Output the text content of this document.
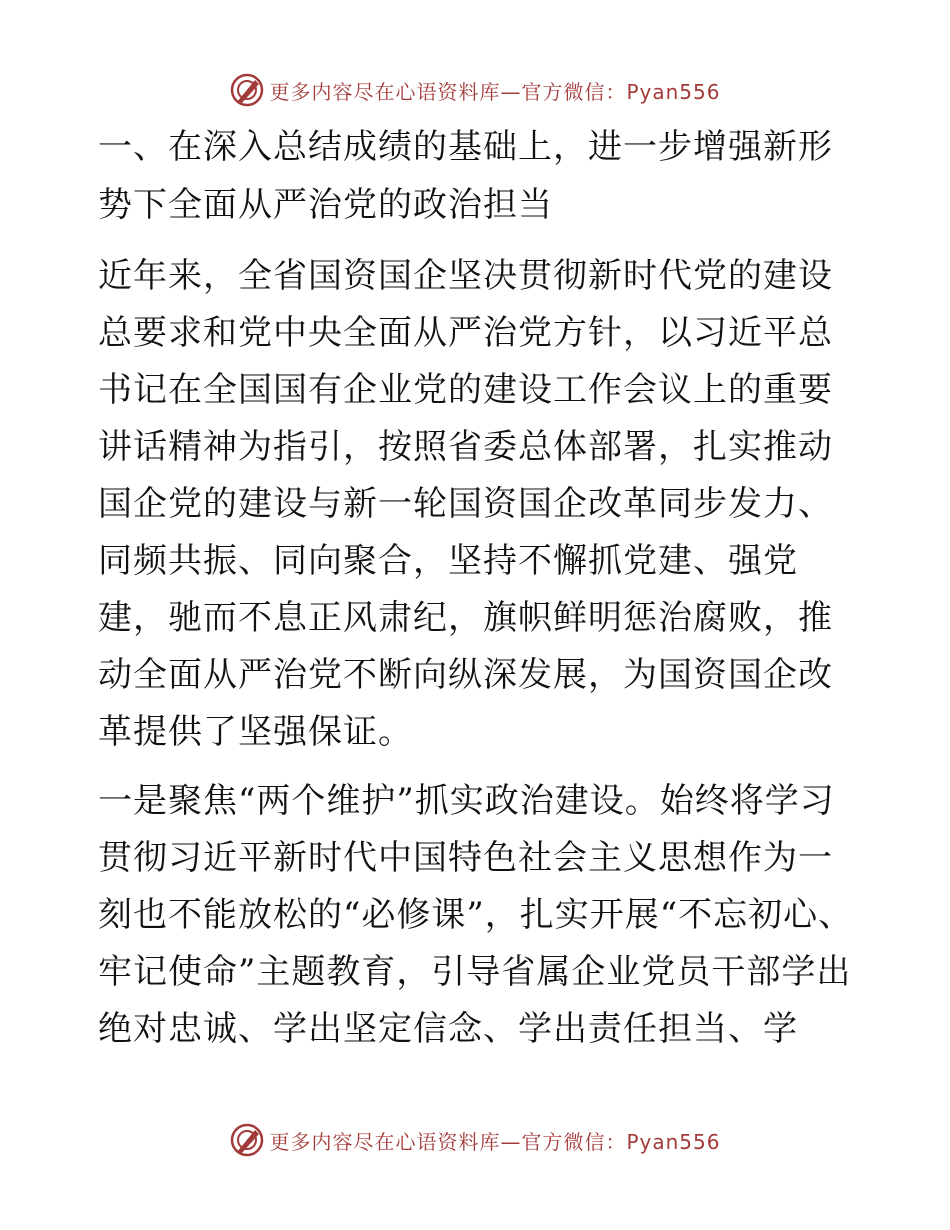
更多内容尽在心语资料库—官方微信：Pyan556

一、在深入总结成绩的基础上，进一步增强新形势下全面从严治党的政治担当

近年来，全省国资国企坚决贯彻新时代党的建设总要求和党中央全面从严治党方针，以习近平总书记在全国国有企业党的建设工作会议上的重要讲话精神为指引，按照省委总体部署，扎实推动国企党的建设与新一轮国资国企改革同步发力、同频共振、同向聚合，坚持不懈抓党建、强党建，驰而不息正风肃纪，旗帜鲜明惩治腐败，推动全面从严治党不断向纵深发展，为国资国企改革提供了坚强保证。

一是聚焦“两个维护”抓实政治建设。始终将学习贯彻习近平新时代中国特色社会主义思想作为一刻也不能放松的“必修课”，扎实开展“不忘初心、牢记使命”主题教育，引导省属企业党员干部学出绝对忠诚、学出坚定信念、学出责任担当、学

更多内容尽在心语资料库—官方微信：Pyan556
